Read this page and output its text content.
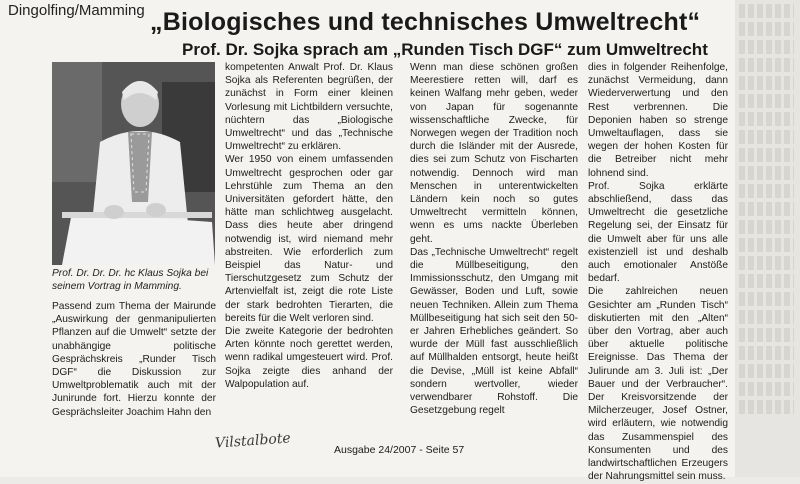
Dingolfing/Mamming „Biologisches und technisches Umweltrecht“
Prof. Dr. Sojka sprach am „Runden Tisch DGF“ zum Umweltrecht
Prof. Dr. Dr. Dr. hc Klaus Sojka bei seinem Vortrag in Mamming.

Passend zum Thema der Mairunde „Auswirkung der genmanipulierten Pflanzen auf die Umwelt“ setzte der unabhängige politische Gesprächskreis „Runder Tisch DGF“ die Diskussion zur Umweltproblematik auch mit der Junirunde fort. Hierzu konnte der Gesprächsleiter Joachim Hahn den

kompetenten Anwalt Prof. Dr. Klaus Sojka als Referenten begrüßen, der zunächst in Form einer kleinen Vorlesung mit Lichtbildern versuchte, nüchtern das „Biologische Umweltrecht“ und das „Technische Umweltrecht“ zu erklären.

Wer 1950 von einem umfassenden Umweltrecht gesprochen oder gar Lehrstühle zum Thema an den Universitäten gefordert hätte, den hätte man schlichtweg ausgelacht. Dass dies heute aber dringend notwendig ist, wird niemand mehr abstreiten. Wie erforderlich zum Beispiel das Natur- und Tierschutzgesetz zum Schutz der Artenvielfalt ist, zeigt die rote Liste der stark bedrohten Tierarten, die bereits für die Welt verloren sind.

Die zweite Kategorie der bedrohten Arten könnte noch gerettet werden, wenn radikal umgesteuert wird. Prof. Sojka zeigte dies anhand der Walpopulation auf.

Wenn man diese schönen großen Meerestiere retten will, darf es keinen Walfang mehr geben, weder von Japan für sogenannte wissenschaftliche Zwecke, für Norwegen wegen der Tradition noch durch die Isländer mit der Ausrede, dies sei zum Schutz von Fischarten notwendig. Dennoch wird man Menschen in unterentwickelten Ländern kein noch so gutes Umweltrecht vermitteln können, wenn es ums nackte Überleben geht.

Das „Technische Umweltrecht“ regelt die Müllbeseitigung, den Immissionsschutz, den Umgang mit Gewässer, Boden und Luft, sowie neuen Techniken. Allein zum Thema Müllbeseitigung hat sich seit den 50-er Jahren Erhebliches geändert. So wurde der Müll fast ausschließlich auf Müllhalden entsorgt, heute heißt die Devise, „Müll ist keine Abfall“ sondern wertvoller, wieder verwendbarer Rohstoff. Die Gesetzgebung regelt

dies in folgender Reihenfolge, zunächst Vermeidung, dann Wiederverwertung und den Rest verbrennen. Die Deponien haben so strenge Umweltauflagen, dass sie wegen der hohen Kosten für die Betreiber nicht mehr lohnend sind.

Prof. Sojka erklärte abschließend, dass das Umweltrecht die gesetzliche Regelung sei, der Einsatz für die Umwelt aber für uns alle existenziell ist und deshalb auch emotionaler Anstöße bedarf.

Die zahlreichen neuen Gesichter am „Runden Tisch“ diskutierten mit den „Alten“ über den Vortrag, aber auch über aktuelle politische Ereignisse. Das Thema der Julirunde am 3. Juli ist: „Der Bauer und der Verbraucher“. Der Kreisvorsitzende der Milcherzeuger, Josef Ostner, wird erläutern, wie notwendig das Zusammenspiel des Konsumenten und des landwirtschaftlichen Erzeugers der Nahrungsmittel sein muss.

Vilstalbote	Ausgabe 24/2007 - Seite 57
